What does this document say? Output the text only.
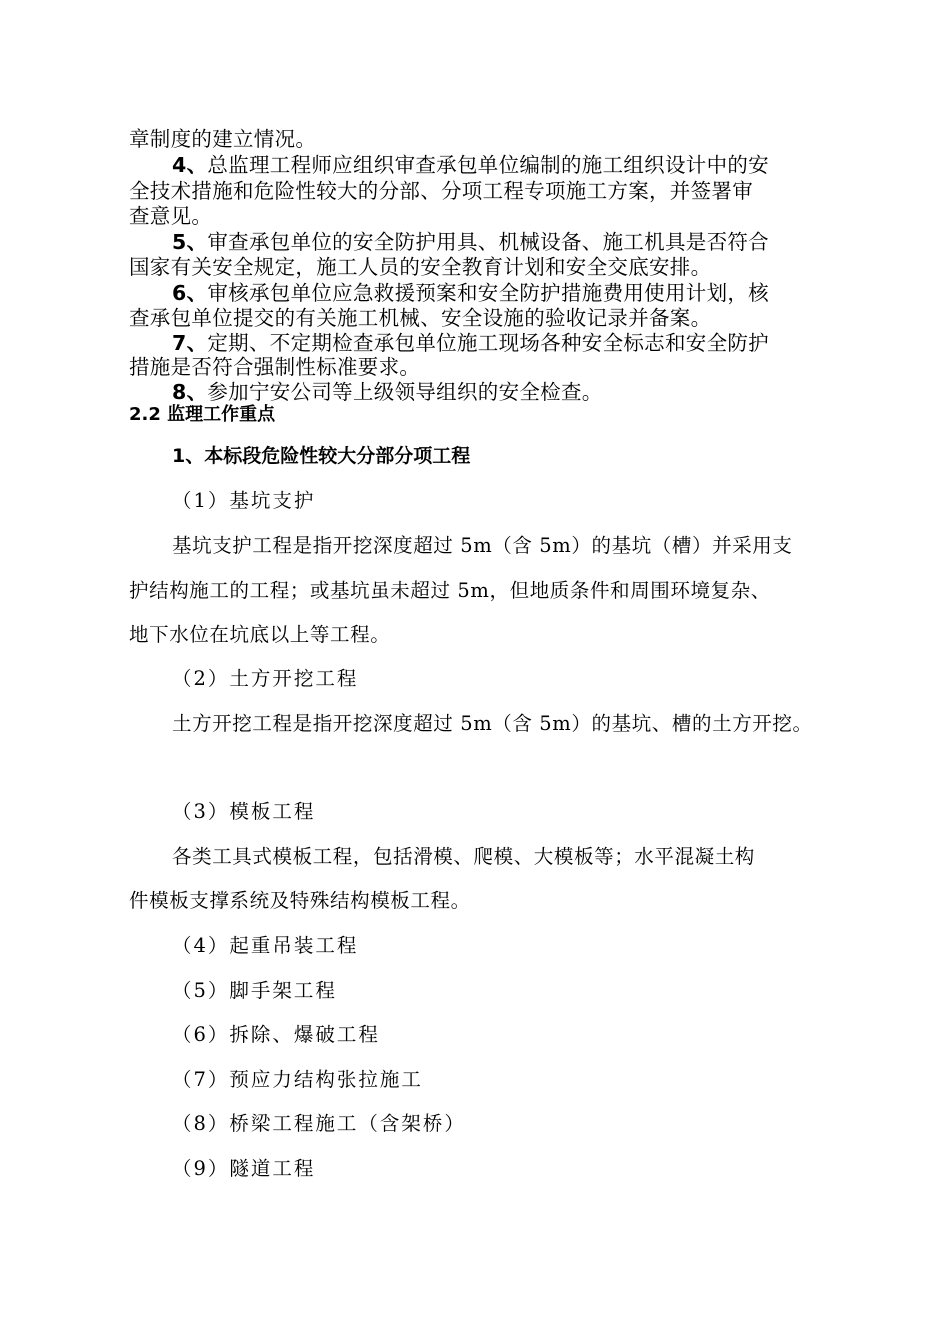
章制度的建立情况。
4、总监理工程师应组织审查承包单位编制的施工组织设计中的安
全技术措施和危险性较大的分部、分项工程专项施工方案，并签署审
查意见。
5、审查承包单位的安全防护用具、机械设备、施工机具是否符合
国家有关安全规定，施工人员的安全教育计划和安全交底安排。
6、审核承包单位应急救援预案和安全防护措施费用使用计划，核
查承包单位提交的有关施工机械、安全设施的验收记录并备案。
7、定期、不定期检查承包单位施工现场各种安全标志和安全防护
措施是否符合强制性标准要求。
8、参加宁安公司等上级领导组织的安全检查。
2.2 监理工作重点
1、本标段危险性较大分部分项工程
（1）基坑支护
基坑支护工程是指开挖深度超过 5m（含 5m）的基坑（槽）并采用支
护结构施工的工程；或基坑虽未超过 5m，但地质条件和周围环境复杂、
地下水位在坑底以上等工程。
（2）土方开挖工程
土方开挖工程是指开挖深度超过 5m（含 5m）的基坑、槽的土方开挖。
（3）模板工程
各类工具式模板工程，包括滑模、爬模、大模板等；水平混凝土构
件模板支撑系统及特殊结构模板工程。
（4）起重吊装工程
（5）脚手架工程
（6）拆除、爆破工程
（7）预应力结构张拉施工
（8）桥梁工程施工（含架桥）
（9）隧道工程
